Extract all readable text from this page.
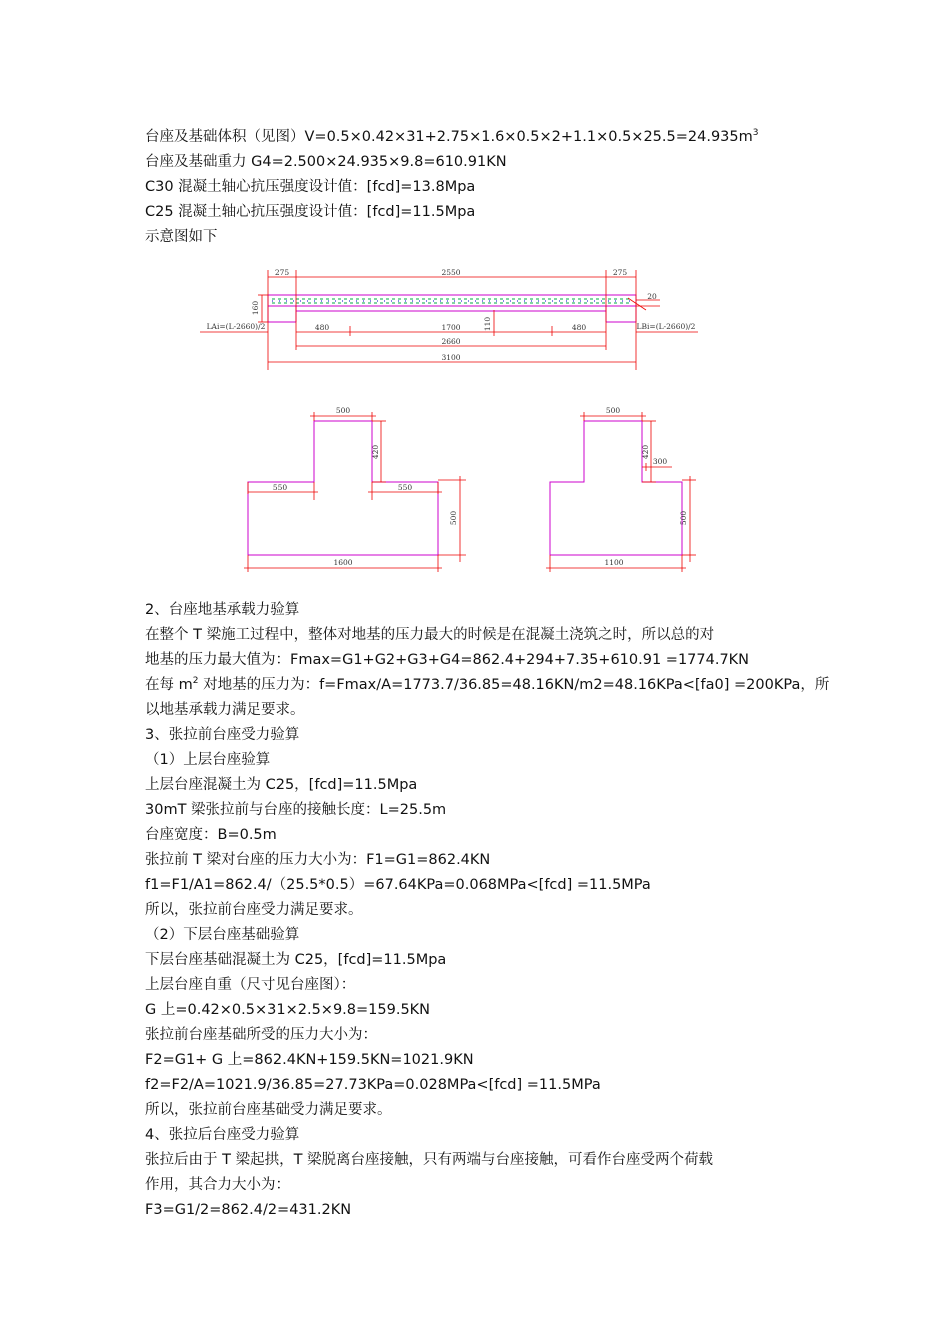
台座及基础体积（见图）$V=0.5\times 0.42\times 31+2.75\times 1.6\times 0.5\times 2+1.1\times 0.5\times 25.5=24.935m^3$
台座及基础重力 G4=2.500×24.935×9.8=610.91KN
C30 混凝土轴心抗压强度设计值：[fcd]=13.8Mpa
C25 混凝土轴心抗压强度设计值：[fcd]=11.5Mpa
示意图如下
275	2550	275
160
20
LAi=(L-2660)/2	LBi=(L-2660)/2
480	1700	110	480
2660
3100
500
420
550	550
500
1600
500
420
300
500
1100
2、台座地基承载力验算
在整个 T 梁施工过程中，整体对地基的压力最大的时候是在混凝土浇筑之时，所以总的对
地基的压力最大值为：Fmax=G1+G2+G3+G4=862.4+294+7.35+610.91 =1774.7KN
在每 $m^2$ 对地基的压力为：f=Fmax/A=1773.7/36.85=48.16KN/m2=48.16KPa<[fa0] =200KPa，所
以地基承载力满足要求。
3、张拉前台座受力验算
（1）上层台座验算
上层台座混凝土为 C25，[fcd]=11.5Mpa
30mT 梁张拉前与台座的接触长度：L=25.5m
台座宽度：B=0.5m
张拉前 T 梁对台座的压力大小为：F1=G1=862.4KN
f1=F1/A1=862.4/（25.5*0.5）=67.64KPa=0.068MPa<[fcd] =11.5MPa
所以，张拉前台座受力满足要求。
（2）下层台座基础验算
下层台座基础混凝土为 C25，[fcd]=11.5Mpa
上层台座自重（尺寸见台座图）：
G 上=0.42×0.5×31×2.5×9.8=159.5KN
张拉前台座基础所受的压力大小为：
F2=G1+ G 上=862.4KN+159.5KN=1021.9KN
f2=F2/A=1021.9/36.85=27.73KPa=0.028MPa<[fcd] =11.5MPa
所以，张拉前台座基础受力满足要求。
4、张拉后台座受力验算
张拉后由于 T 梁起拱，T 梁脱离台座接触，只有两端与台座接触，可看作台座受两个荷载
作用，其合力大小为：
F3=G1/2=862.4/2=431.2KN
